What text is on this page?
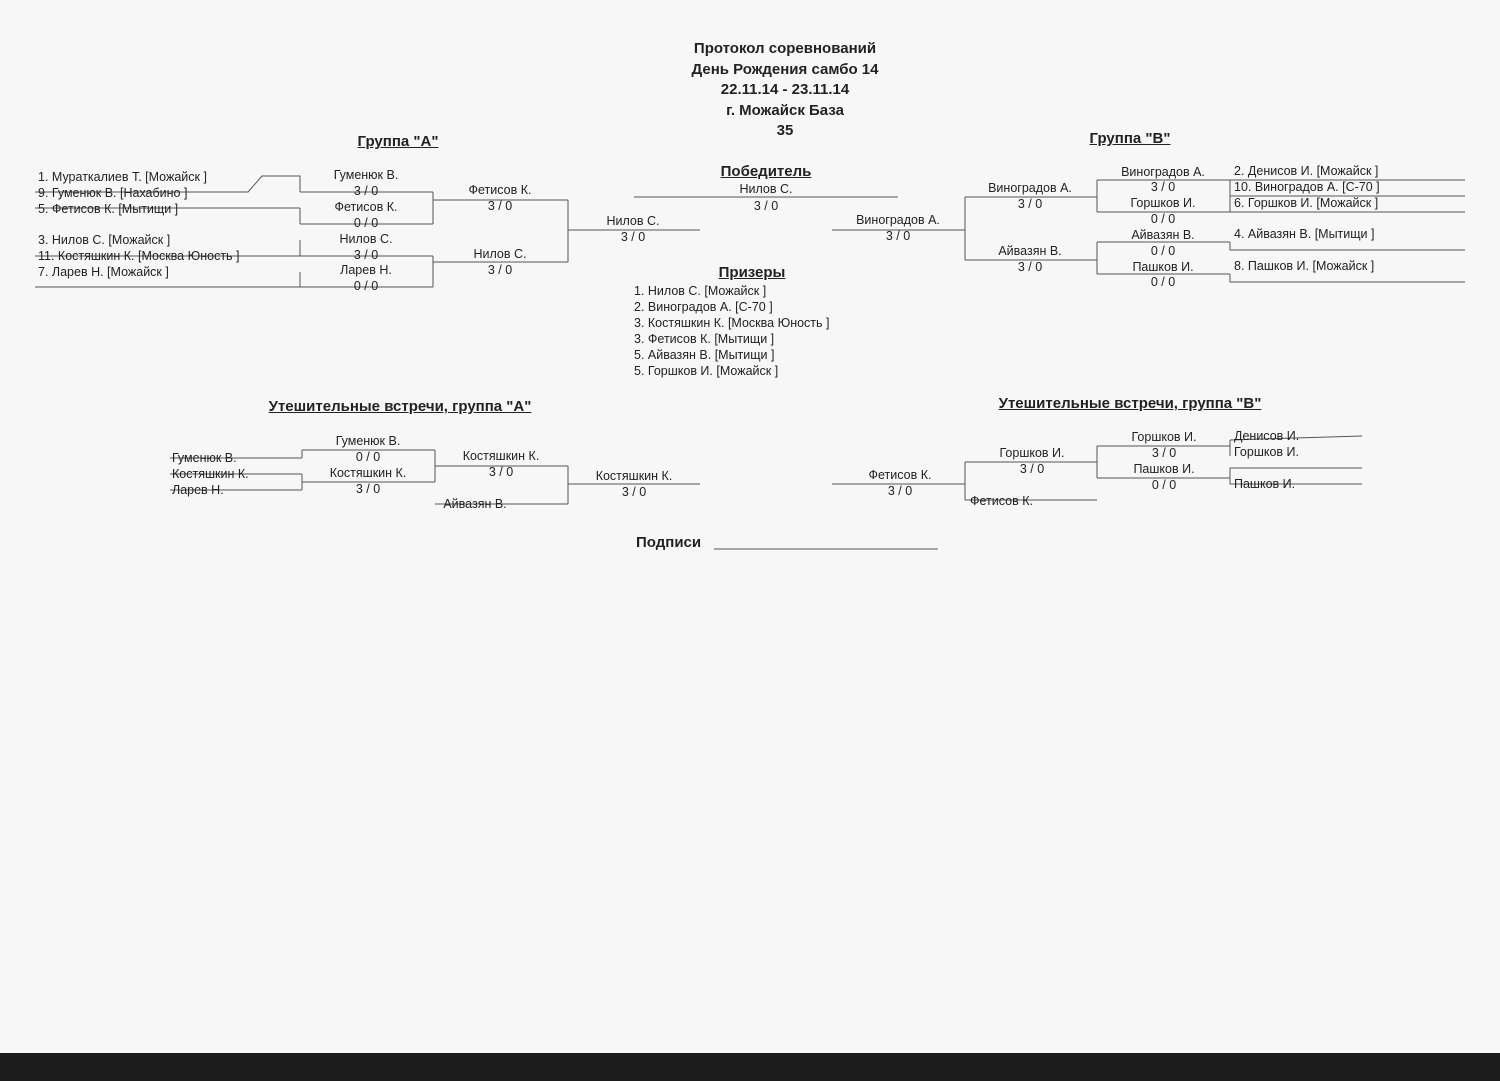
Протокол соревнований
День Рождения самбо 14
22.11.14 - 23.11.14
г. Можайск База
35
Группа "А"
1. Мураткалиев Т. [Можайск ]
9. Гуменюк В. [Нахабино ]
5. Фетисов К. [Мытищи ]
3. Нилов С. [Можайск ]
11. Костяшкин К. [Москва Юность ]
7. Ларев Н. [Можайск ]
Гуменюк В.
3 / 0
Фетисов К.
0 / 0
Нилов С.
3 / 0
Ларев Н.
0 / 0
Фетисов К.
3 / 0
Нилов С.
3 / 0
Нилов С.
3 / 0
Победитель
Нилов С.
3 / 0
Призеры
1. Нилов С. [Можайск ]
2. Виноградов А. [С-70 ]
3. Костяшкин К. [Москва Юность ]
3. Фетисов К. [Мытищи ]
5. Айвазян В. [Мытищи ]
5. Горшков И. [Можайск ]
Группа "В"
Виноградов А.
3 / 0
Виноградов А.
3 / 0
Айвазян В.
3 / 0
Виноградов А.
3 / 0
Горшков И.
0 / 0
Айвазян В.
0 / 0
Пашков И.
0 / 0
2. Денисов И. [Можайск ]
10. Виноградов А. [С-70 ]
6. Горшков И. [Можайск ]
4. Айвазян В. [Мытищи ]
8. Пашков И. [Можайск ]
Утешительные встречи, группа "А"
Гуменюк В.
Костяшкин К.
Ларев Н.
Гуменюк В.
0 / 0
Костяшкин К.
3 / 0
Костяшкин К.
3 / 0
Айвазян В.
Костяшкин К.
3 / 0
Утешительные встречи, группа "В"
Фетисов К.
3 / 0
Горшков И.
3 / 0
Фетисов К.
Горшков И.
3 / 0
Пашков И.
0 / 0
Денисов И.
Горшков И.
Пашков И.
Подписи
